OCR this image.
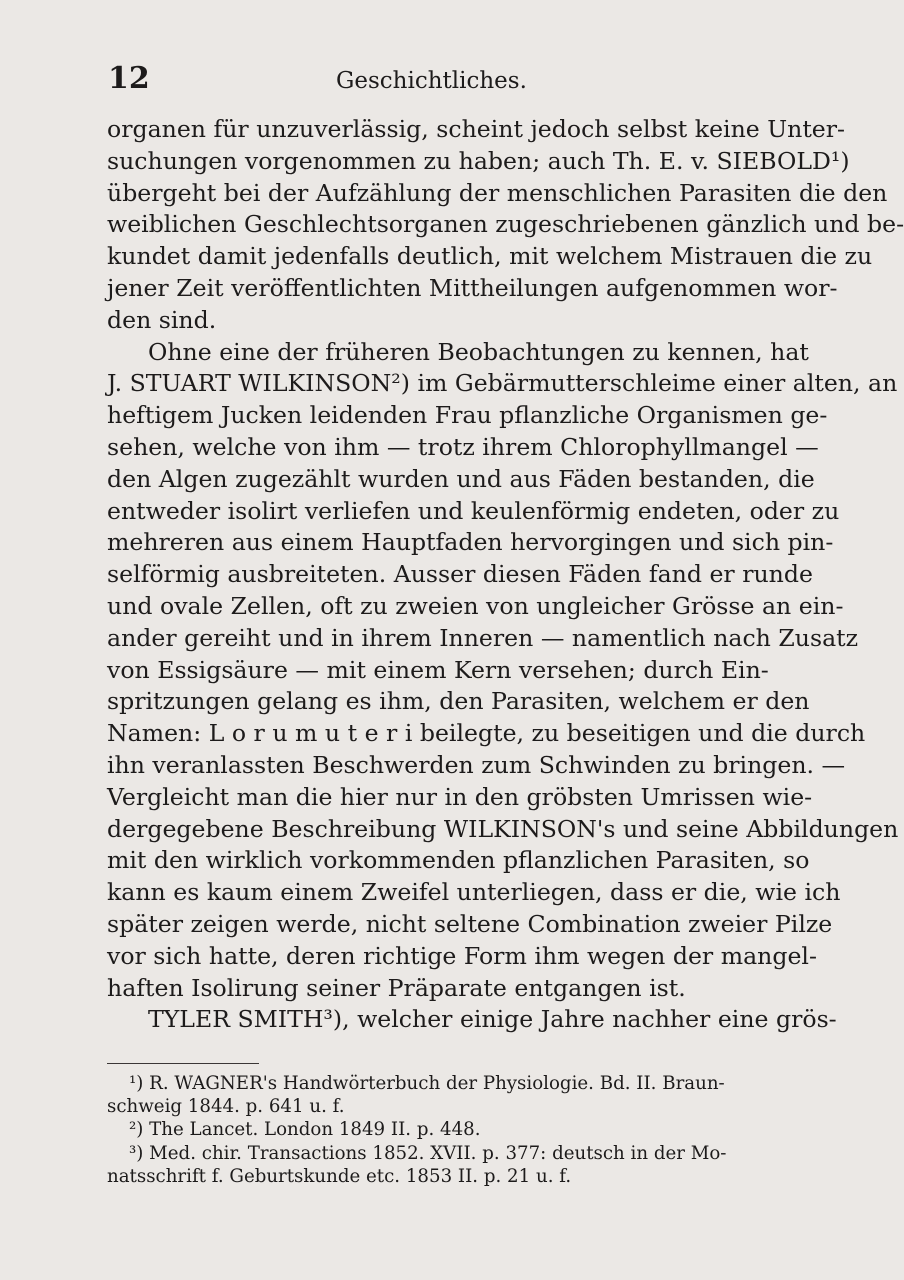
12	Geschichtliches.
organen für unzuverlässig, scheint jedoch selbst keine Unter-
suchungen vorgenommen zu haben; auch Th. E. v. SIEBOLD¹)
übergeht bei der Aufzählung der menschlichen Parasiten die den
weiblichen Geschlechtsorganen zugeschriebenen gänzlich und be-
kundet damit jedenfalls deutlich, mit welchem Mistrauen die zu
jener Zeit veröffentlichten Mittheilungen aufgenommen wor-
den sind.
Ohne eine der früheren Beobachtungen zu kennen, hat
J. STUART WILKINSON²) im Gebärmutterschleime einer alten, an
heftigem Jucken leidenden Frau pflanzliche Organismen ge-
sehen, welche von ihm — trotz ihrem Chlorophyllmangel —
den Algen zugezählt wurden und aus Fäden bestanden, die
entweder isolirt verliefen und keulenförmig endeten, oder zu
mehreren aus einem Hauptfaden hervorgingen und sich pin-
selförmig ausbreiteten. Ausser diesen Fäden fand er runde
und ovale Zellen, oft zu zweien von ungleicher Grösse an ein-
ander gereiht und in ihrem Inneren — namentlich nach Zusatz
von Essigsäure — mit einem Kern versehen; durch Ein-
spritzungen gelang es ihm, den Parasiten, welchem er den
Namen: L o r u m u t e r i beilegte, zu beseitigen und die durch
ihn veranlassten Beschwerden zum Schwinden zu bringen. —
Vergleicht man die hier nur in den gröbsten Umrissen wie-
dergegebene Beschreibung WILKINSON's und seine Abbildungen
mit den wirklich vorkommenden pflanzlichen Parasiten, so
kann es kaum einem Zweifel unterliegen, dass er die, wie ich
später zeigen werde, nicht seltene Combination zweier Pilze
vor sich hatte, deren richtige Form ihm wegen der mangel-
haften Isolirung seiner Präparate entgangen ist.
TYLER SMITH³), welcher einige Jahre nachher eine grös-
¹) R. WAGNER's Handwörterbuch der Physiologie. Bd. II. Braun-
schweig 1844. p. 641 u. f.
²) The Lancet. London 1849 II. p. 448.
³) Med. chir. Transactions 1852. XVII. p. 377: deutsch in der Mo-
natsschrift f. Geburtskunde etc. 1853 II. p. 21 u. f.
